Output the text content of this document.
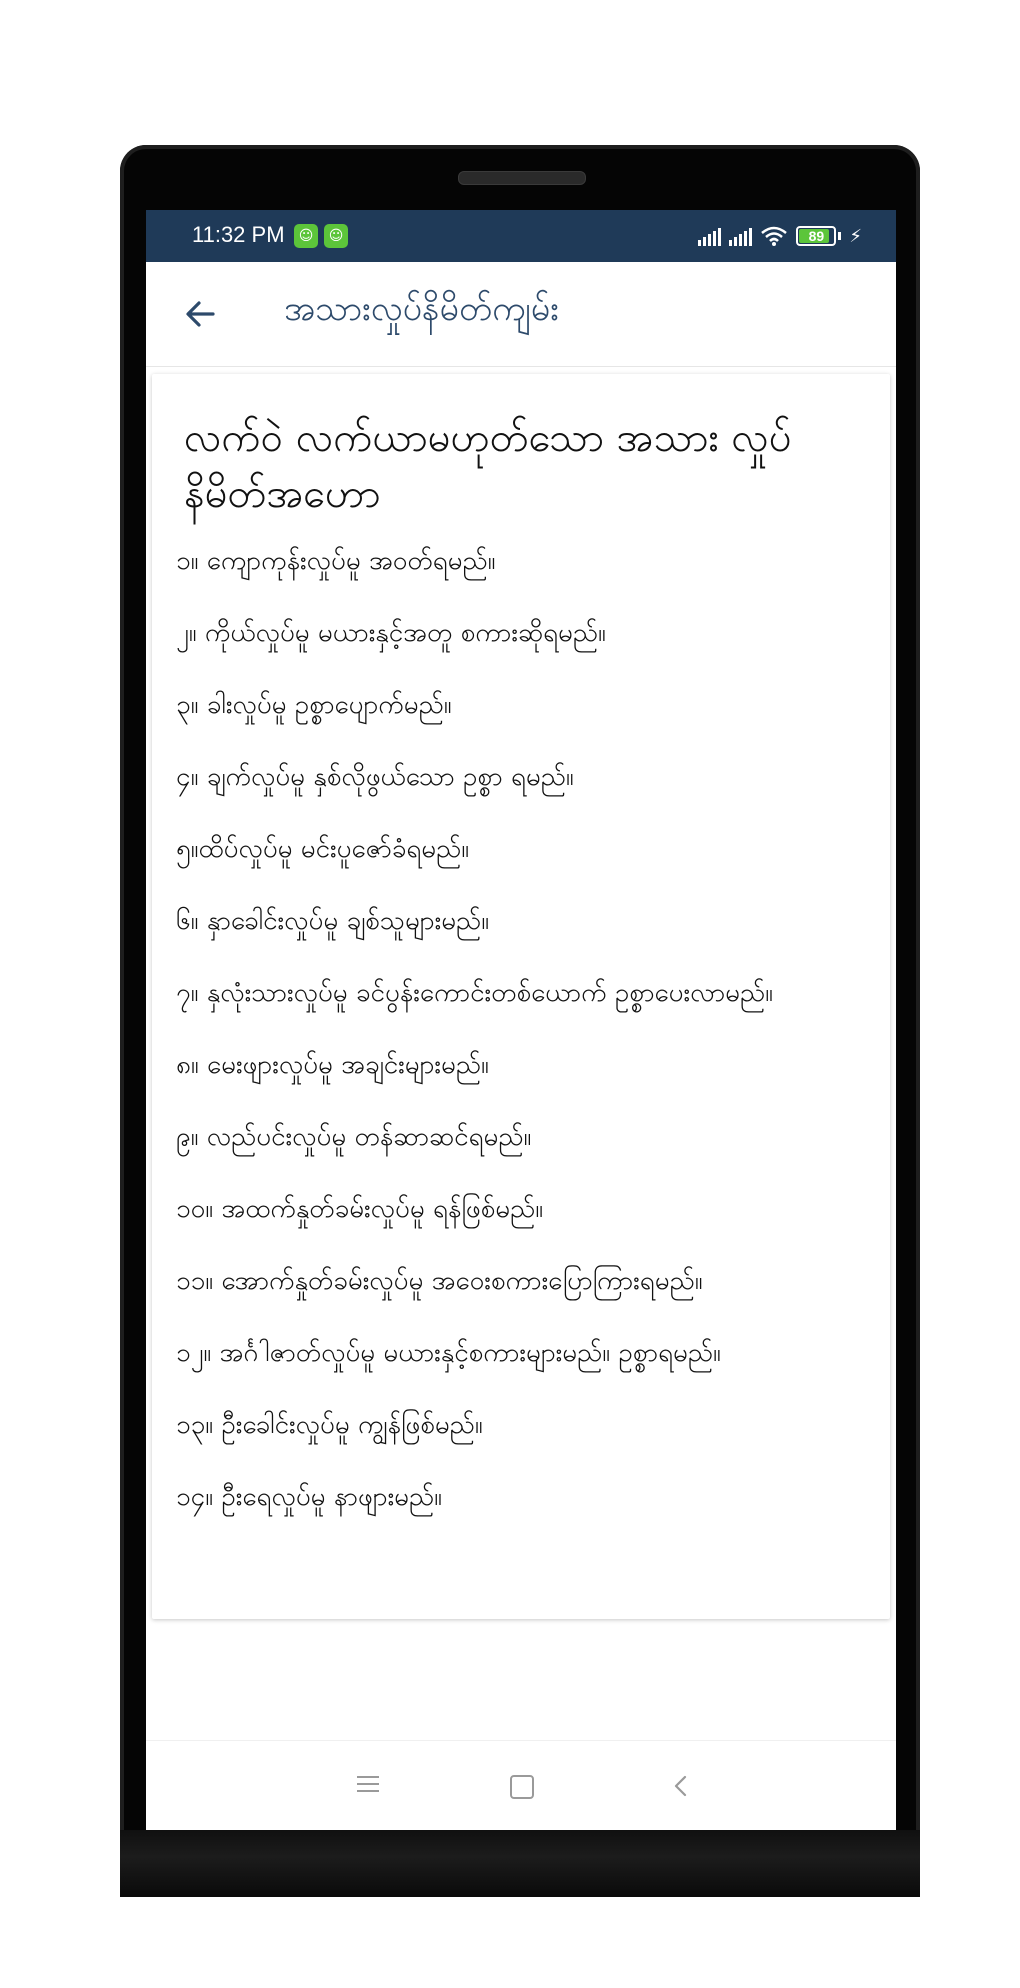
11:32 PM	☺	☺	89	⚡
အသားလှုပ်နိမိတ်ကျမ်း
လက်ဝဲ လက်ယာမဟုတ်သော အသား လှုပ်နိမိတ်အဟော

၁။ ကျောကုန်းလှုပ်မူ အဝတ်ရမည်။

၂။ ကိုယ်လှုပ်မူ မယားနှင့်အတူ စကားဆိုရမည်။

၃။ ခါးလှုပ်မူ ဥစ္စာပျောက်မည်။

၄။ ချက်လှုပ်မူ နှစ်လိုဖွယ်သော ဥစ္စာ ရမည်။

၅။ထိပ်လှုပ်မူ မင်းပူဇော်ခံရမည်။

၆။ နှာခေါင်းလှုပ်မူ ချစ်သူများမည်။

၇။ နှလုံးသားလှုပ်မူ ခင်ပွန်းကောင်းတစ်ယောက် ဥစ္စာပေးလာမည်။

၈။ မေးဖျားလှုပ်မူ အချင်းများမည်။

၉။ လည်ပင်းလှုပ်မူ တန်ဆာဆင်ရမည်။

၁၀။ အထက်နှုတ်ခမ်းလှုပ်မူ ရန်ဖြစ်မည်။

၁၁။ အောက်နှုတ်ခမ်းလှုပ်မူ အဝေးစကားပြောကြားရမည်။

၁၂။ အင်္ဂါဇာတ်လှုပ်မူ မယားနှင့်စကားများမည်။ ဥစ္စာရမည်။

၁၃။ ဦးခေါင်းလှုပ်မူ ကျွန်ဖြစ်မည်။

၁၄။ ဦးရေလှုပ်မူ နာဖျားမည်။
